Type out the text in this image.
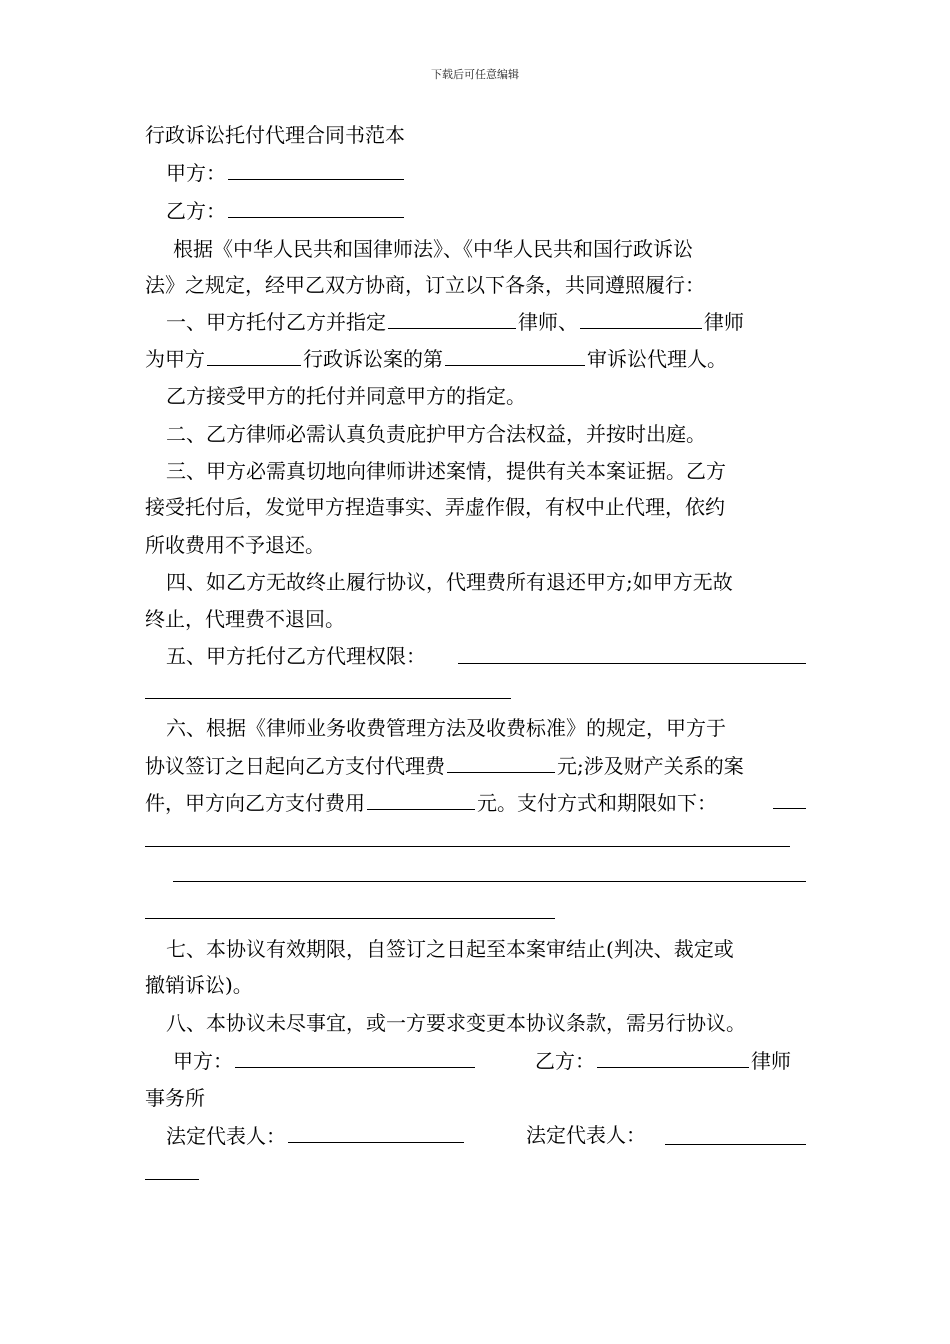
下载后可任意编辑
行政诉讼托付代理合同书范本
甲方：
乙方：
根据《中华人民共和国律师法》、《中华人民共和国行政诉讼
法》之规定，经甲乙双方协商，订立以下各条，共同遵照履行：
一、甲方托付乙方并指定	律师、	律师
为甲方	行政诉讼案的第	审诉讼代理人。
乙方接受甲方的托付并同意甲方的指定。
二、乙方律师必需认真负责庇护甲方合法权益，并按时出庭。
三、甲方必需真切地向律师讲述案情，提供有关本案证据。乙方
接受托付后，发觉甲方捏造事实、弄虚作假，有权中止代理，依约
所收费用不予退还。
四、如乙方无故终止履行协议，代理费所有退还甲方;如甲方无故
终止，代理费不退回。
五、甲方托付乙方代理权限：
六、根据《律师业务收费管理方法及收费标准》的规定，甲方于
协议签订之日起向乙方支付代理费	元;涉及财产关系的案
件，甲方向乙方支付费用	元。支付方式和期限如下：
七、本协议有效期限，自签订之日起至本案审结止(判决、裁定或
撤销诉讼)。
八、本协议未尽事宜，或一方要求变更本协议条款，需另行协议。
甲方：	乙方：	律师
事务所
法定代表人：	法定代表人：
